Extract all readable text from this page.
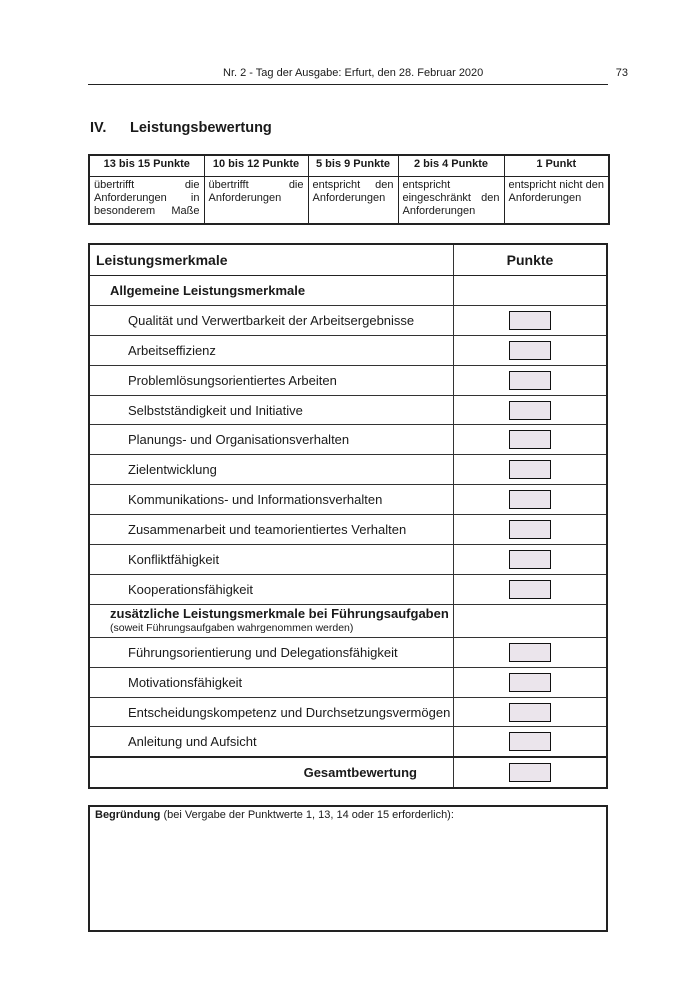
Nr. 2 - Tag der Ausgabe: Erfurt, den 28. Februar 2020	73
IV. Leistungsbewertung
13 bis 15 Punkte	10 bis 12 Punkte	5 bis 9 Punkte	2 bis 4 Punkte	1 Punkt
übertrifft die Anforderungen in besonderem Maße	übertrifft die Anforderungen	entspricht den Anforderungen	entspricht eingeschränkt den Anforderungen	entspricht nicht den Anforderungen
Leistungsmerkmale	Punkte
Allgemeine Leistungsmerkmale	
Qualität und Verwertbarkeit der Arbeitsergebnisse	

Arbeitseffizienz	

Problemlösungsorientiertes Arbeiten	

Selbstständigkeit und Initiative	

Planungs- und Organisationsverhalten	

Zielentwicklung	

Kommunikations- und Informationsverhalten	

Zusammenarbeit und teamorientiertes Verhalten	

Konfliktfähigkeit	

Kooperationsfähigkeit	

zusätzliche Leistungsmerkmale bei Führungsaufgaben
(soweit Führungsaufgaben wahrgenommen werden)	

Führungsorientierung und Delegationsfähigkeit	

Motivationsfähigkeit	

Entscheidungskompetenz und Durchsetzungsvermögen	

Anleitung und Aufsicht	

Gesamtbewertung	
Begründung (bei Vergabe der Punktwerte 1, 13, 14 oder 15 erforderlich):
